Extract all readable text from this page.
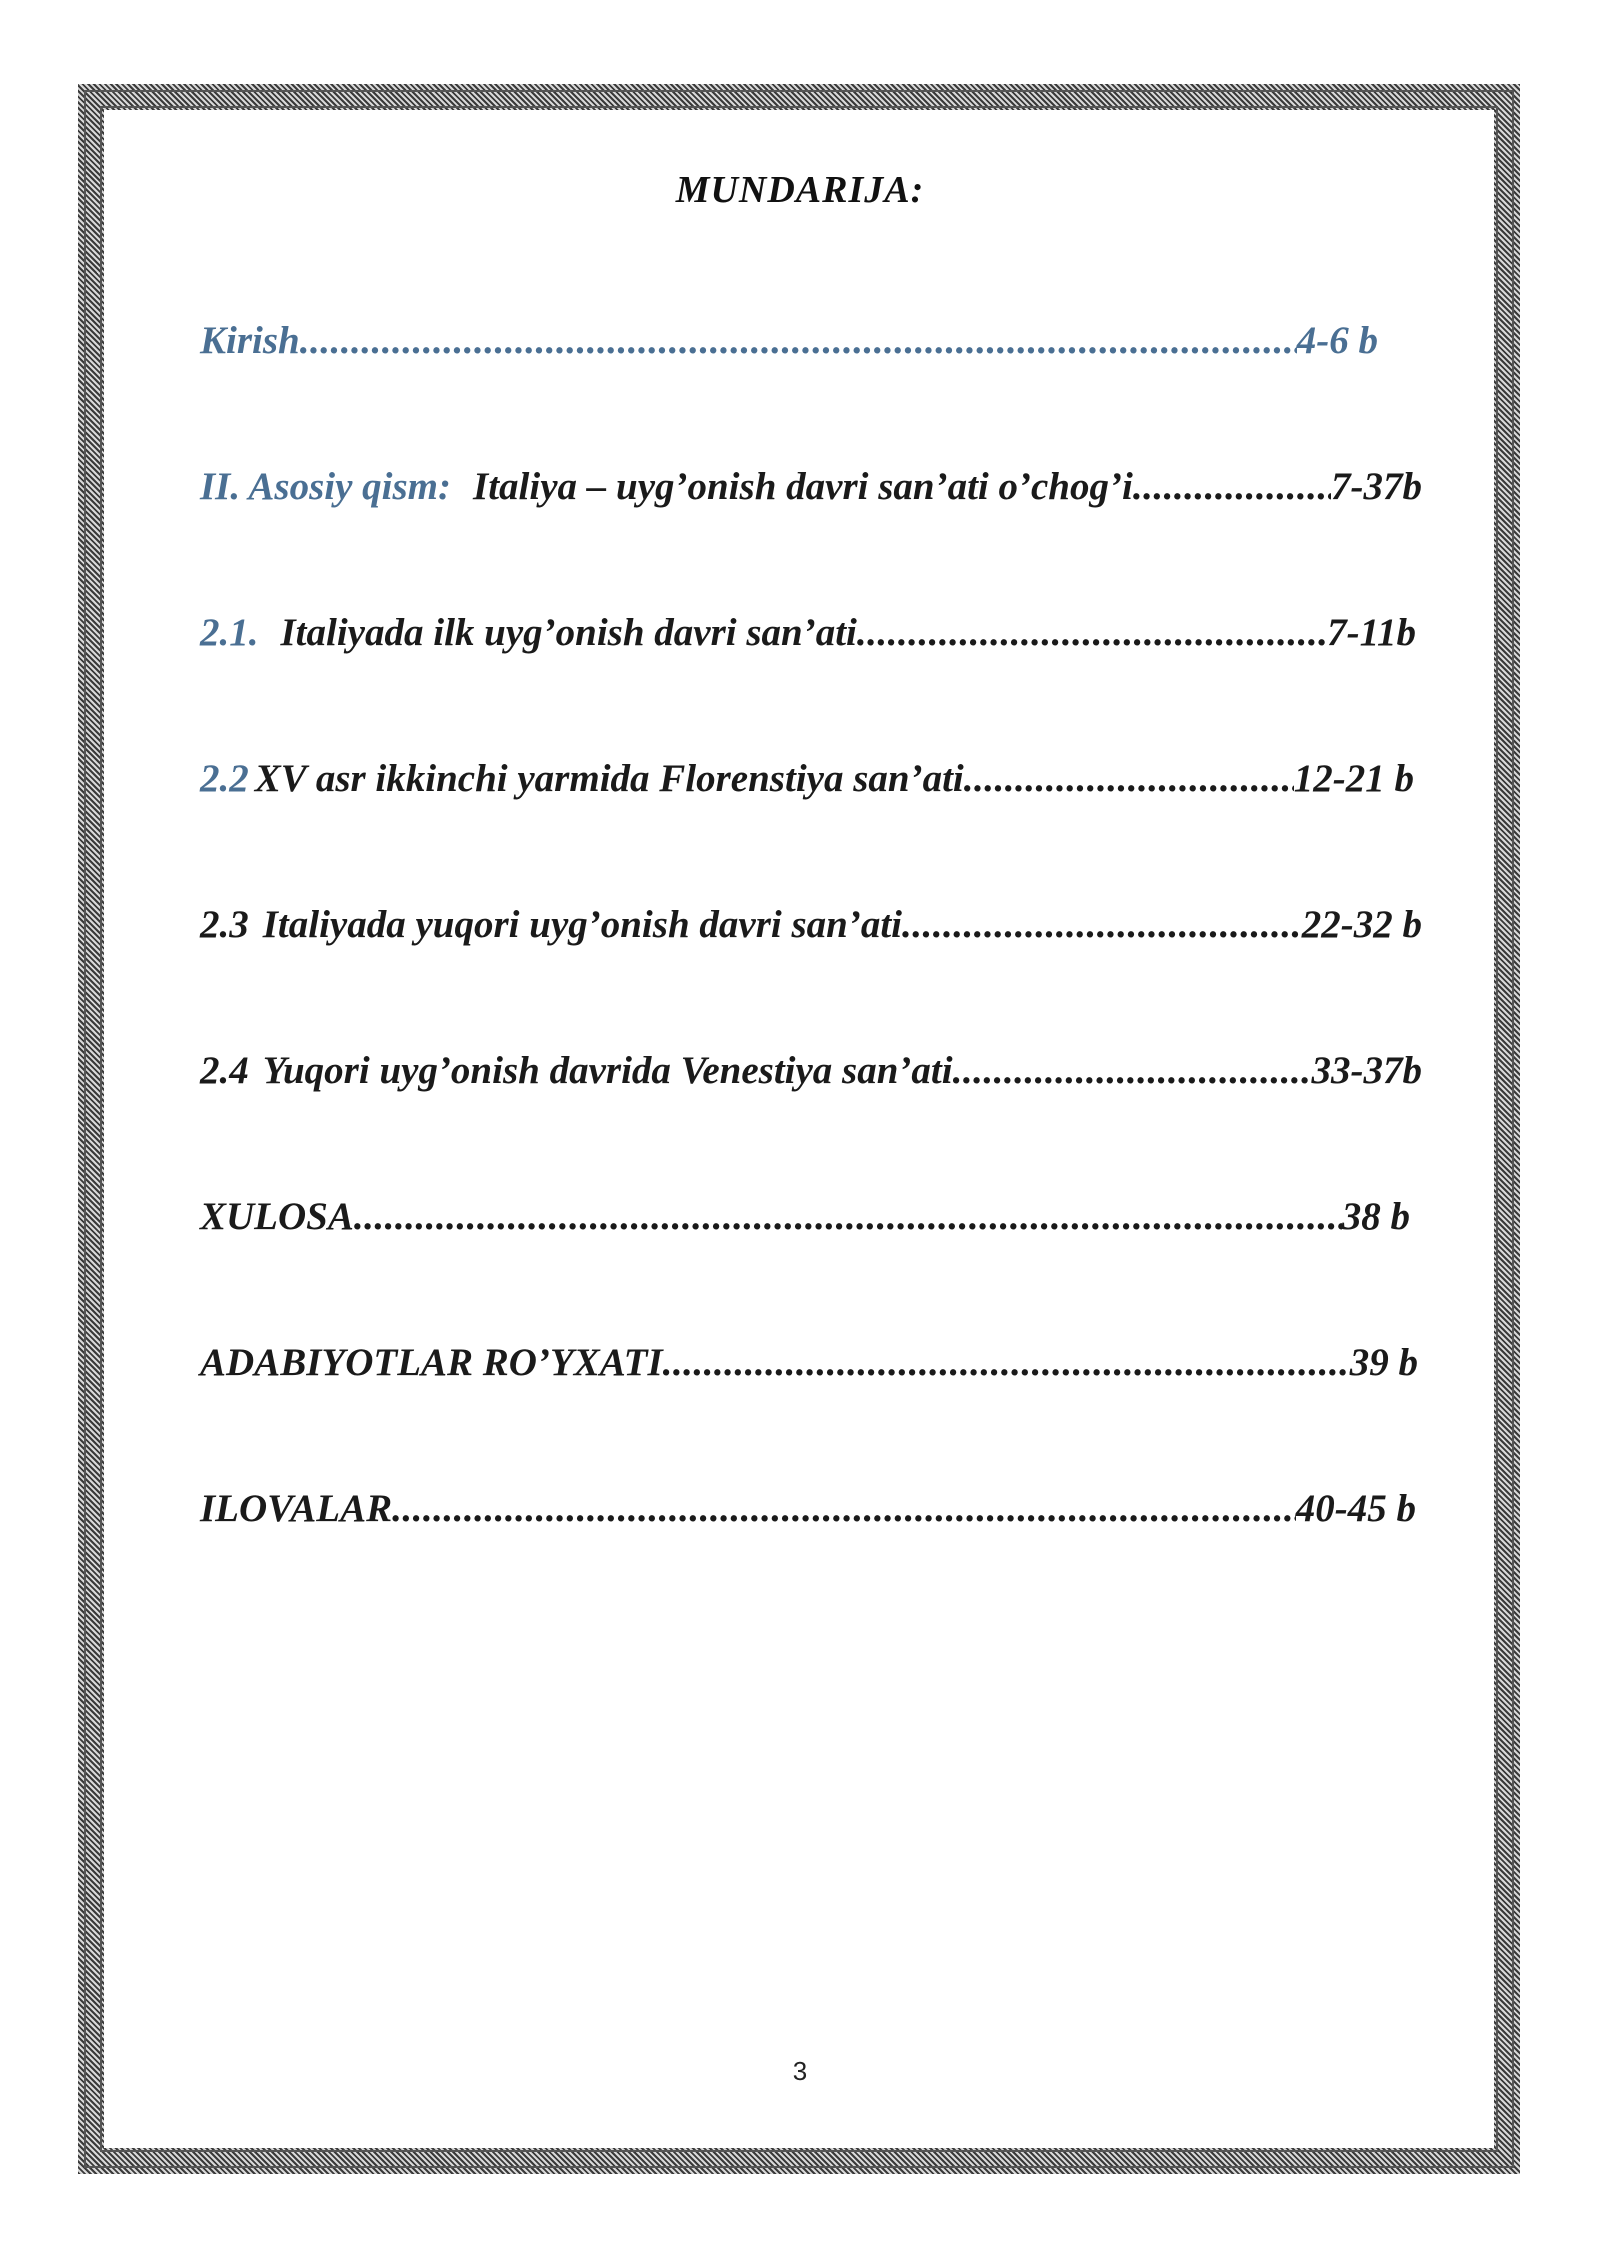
MUNDARIJA:
Kirish .....	4-6 b
II. Asosiy qism: Italiya – uyg’onish davri san’ati o’chog’i .....	7-37b
2.1. Italiyada ilk uyg’onish davri san’ati .....	7-11b
2.2 XV asr ikkinchi yarmida Florenstiya san’ati .....	12-21 b
2.3 Italiyada yuqori uyg’onish davri san’ati .....	22-32 b
2.4 Yuqori uyg’onish davrida Venestiya san’ati .....	33-37b
XULOSA .....	38 b
ADABIYOTLAR RO’YXATI .....	39 b
ILOVALAR .....	40-45 b
3
